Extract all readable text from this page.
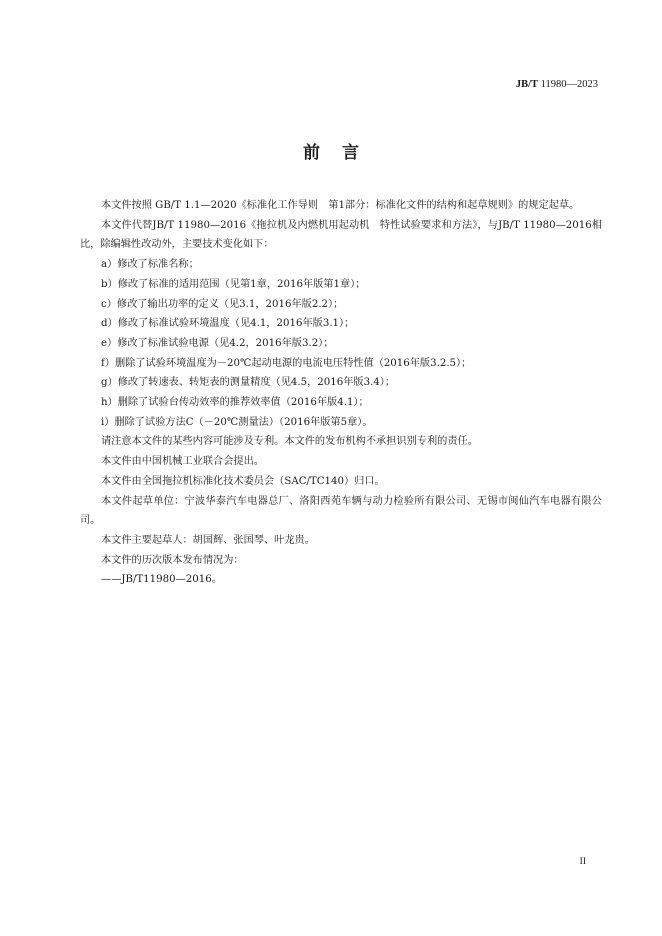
JB/T 11980—2023
前言

本文件按照 GB/T 1.1—2020《标准化工作导则　第1部分：标准化文件的结构和起草规则》的规定起草。

本文件代替JB/T 11980—2016《拖拉机及内燃机用起动机　特性试验要求和方法》，与JB/T 11980—2016相比，除编辑性改动外，主要技术变化如下：

a）修改了标准名称；

b）修改了标准的适用范围（见第1章，2016年版第1章）；

c）修改了输出功率的定义（见3.1，2016年版2.2）；

d）修改了标准试验环境温度（见4.1，2016年版3.1）；

e）修改了标准试验电源（见4.2，2016年版3.2）；

f）删除了试验环境温度为－20℃起动电源的电流电压特性值（2016年版3.2.5）；

g）修改了转速表、转矩表的测量精度（见4.5，2016年版3.4）；

h）删除了试验台传动效率的推荐效率值（2016年版4.1）；

i）删除了试验方法C（－20℃测量法）（2016年版第5章）。

请注意本文件的某些内容可能涉及专利。本文件的发布机构不承担识别专利的责任。

本文件由中国机械工业联合会提出。

本文件由全国拖拉机标准化技术委员会（SAC/TC140）归口。

本文件起草单位：宁波华泰汽车电器总厂、洛阳西苑车辆与动力检验所有限公司、无锡市闽仙汽车电器有限公司。

本文件主要起草人：胡国辉、张国琴、叶龙贵。

本文件的历次版本发布情况为：

——JB/T11980—2016。

II
